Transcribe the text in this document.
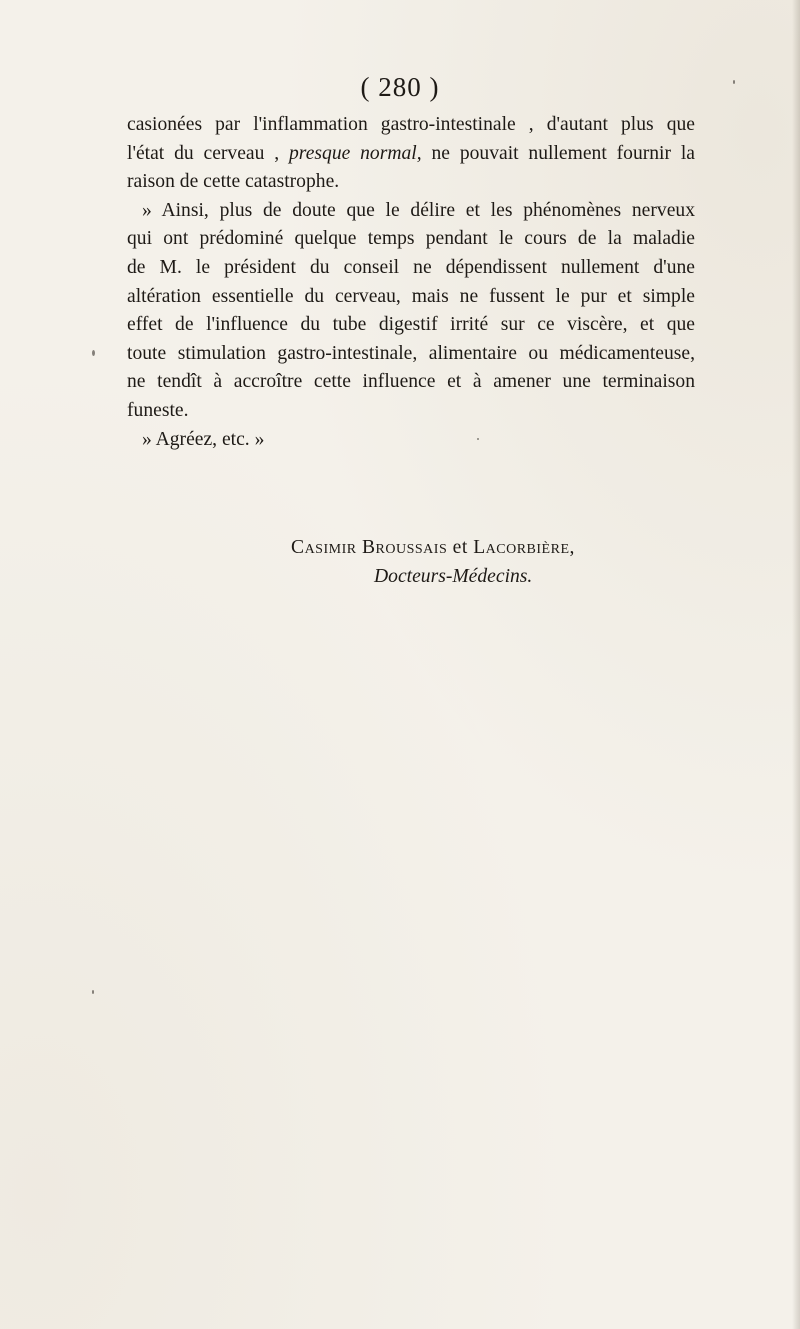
( 280 )
casionées par l'inflammation gastro-intestinale , d'autant plus que
l'état du cerveau , presque normal, ne pouvait nullement fournir la
raison de cette catastrophe.
» Ainsi, plus de doute que le délire et les phénomènes nerveux
qui ont prédominé quelque temps pendant le cours de la maladie
de M. le président du conseil ne dépendissent nullement d'une
altération essentielle du cerveau, mais ne fussent le pur et simple
effet de l'influence du tube digestif irrité sur ce viscère, et que
toute stimulation gastro-intestinale, alimentaire ou médicamenteuse,
ne tendît à accroître cette influence et à amener une terminaison
funeste.
» Agréez, etc. »
Casimir Broussais et Lacorbière,
Docteurs-Médecins.
